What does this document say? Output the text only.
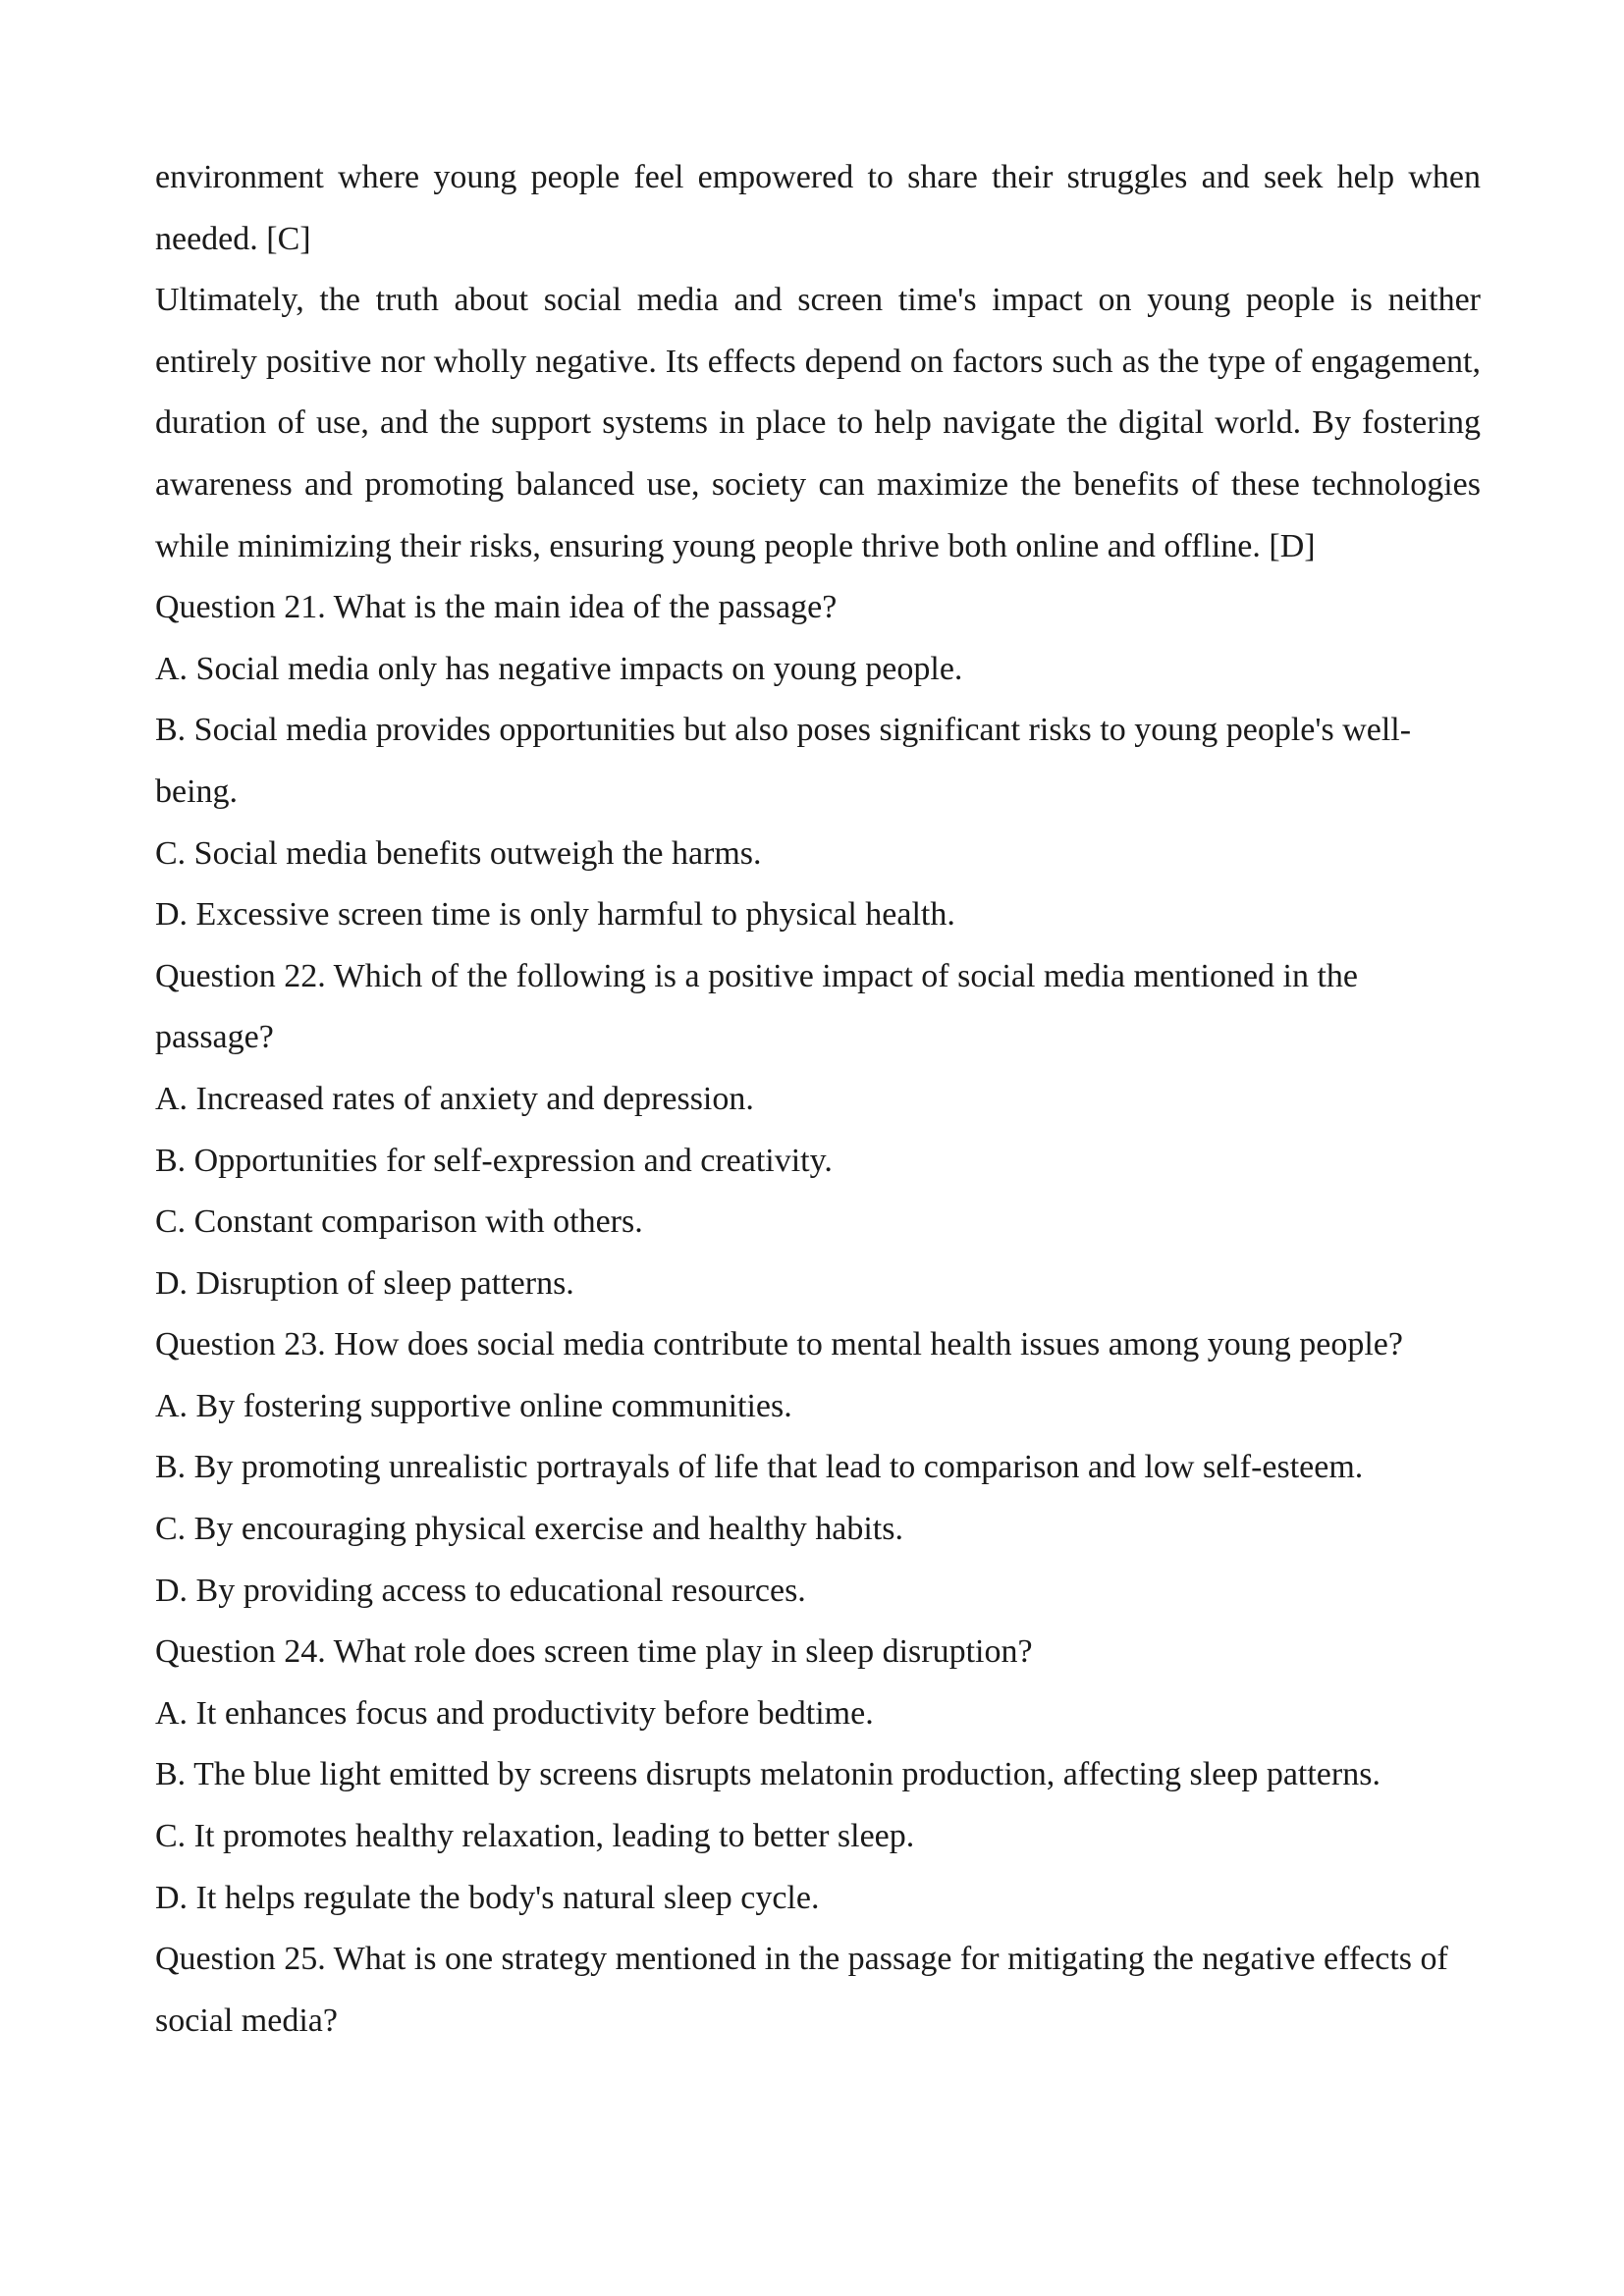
environment where young people feel empowered to share their struggles and seek help when needed. [C]

Ultimately, the truth about social media and screen time's impact on young people is neither entirely positive nor wholly negative. Its effects depend on factors such as the type of engagement, duration of use, and the support systems in place to help navigate the digital world. By fostering awareness and promoting balanced use, society can maximize the benefits of these technologies while minimizing their risks, ensuring young people thrive both online and offline. [D]

Question 21. What is the main idea of the passage?

A. Social media only has negative impacts on young people.

B. Social media provides opportunities but also poses significant risks to young people's well-being.

C. Social media benefits outweigh the harms.

D. Excessive screen time is only harmful to physical health.

Question 22. Which of the following is a positive impact of social media mentioned in the passage?

A. Increased rates of anxiety and depression.

B. Opportunities for self-expression and creativity.

C. Constant comparison with others.

D. Disruption of sleep patterns.

Question 23. How does social media contribute to mental health issues among young people?

A. By fostering supportive online communities.

B. By promoting unrealistic portrayals of life that lead to comparison and low self-esteem.

C. By encouraging physical exercise and healthy habits.

D. By providing access to educational resources.

Question 24. What role does screen time play in sleep disruption?

A. It enhances focus and productivity before bedtime.

B. The blue light emitted by screens disrupts melatonin production, affecting sleep patterns.

C. It promotes healthy relaxation, leading to better sleep.

D. It helps regulate the body's natural sleep cycle.

Question 25. What is one strategy mentioned in the passage for mitigating the negative effects of social media?
